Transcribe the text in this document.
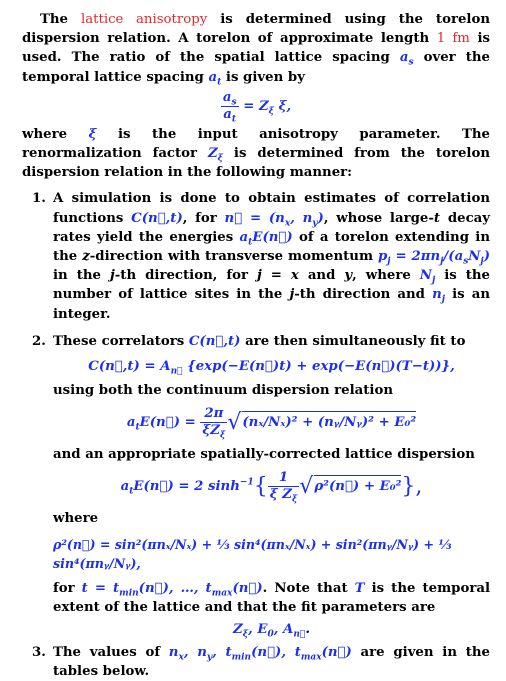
The lattice anisotropy is determined using the torelon dispersion relation. A torelon of approximate length 1 fm is used. The ratio of the spatial lattice spacing $a_s$ over the temporal lattice spacing $a_t$ is given by

$\frac{a_s}{a_t} = Z_\xi$ ξ,

where ξ is the input anisotropy parameter. The renormalization factor $Z_\xi$ is determined from the torelon dispersion relation in the following manner:

1. A simulation is done to obtain estimates of correlation functions C(n⃗,t), for n⃗ = ($n_x$, $n_y$), whose large-t decay rates yield the energies $a_tE(n⃗)$ of a torelon extending in the z-direction with transverse momentum $p_j = 2\pi n_j/(a_sN_j)$ in the j-th direction, for j = x and y, where $N_j$ is the number of lattice sites in the j-th direction and $n_j$ is an integer.

2. These correlators C(n⃗,t) are then simultaneously fit to

C(n⃗,t) = $A_{n⃗}$ {exp(−E(n⃗)t) + exp(−E(n⃗)(T−t))},

using both the continuum dispersion relation

$a_tE(n⃗) = \frac{2\pi}{\xi Z_\xi} √(n_x/N_x)^2$ + (nᵧ/Nᵧ)² + E₀²

and an appropriate spatially-corrected lattice dispersion

$a_tE(n⃗) = 2$ $\sinh^{-1}\{ \frac{1}{\xi Z_\xi}$ √ρ²(n⃗) + E₀²},

where

ρ²(n⃗) = sin²(πnₓ/Nₓ) + ⅓ sin⁴(πnₓ/Nₓ) + sin²(πnᵧ/Nᵧ) + ⅓ sin⁴(πnᵧ/Nᵧ),

for $t = t_{min}(n⃗)$, …, $t_{max}(n⃗)$. Note that T is the temporal extent of the lattice and that the fit parameters are

$Z_\xi$, $E_0$, $A_{n⃗}$.
3. The values of $n_x$, $n_y$, $t_{min}(n⃗)$, $t_{max}(n⃗)$ are given in the tables below.
